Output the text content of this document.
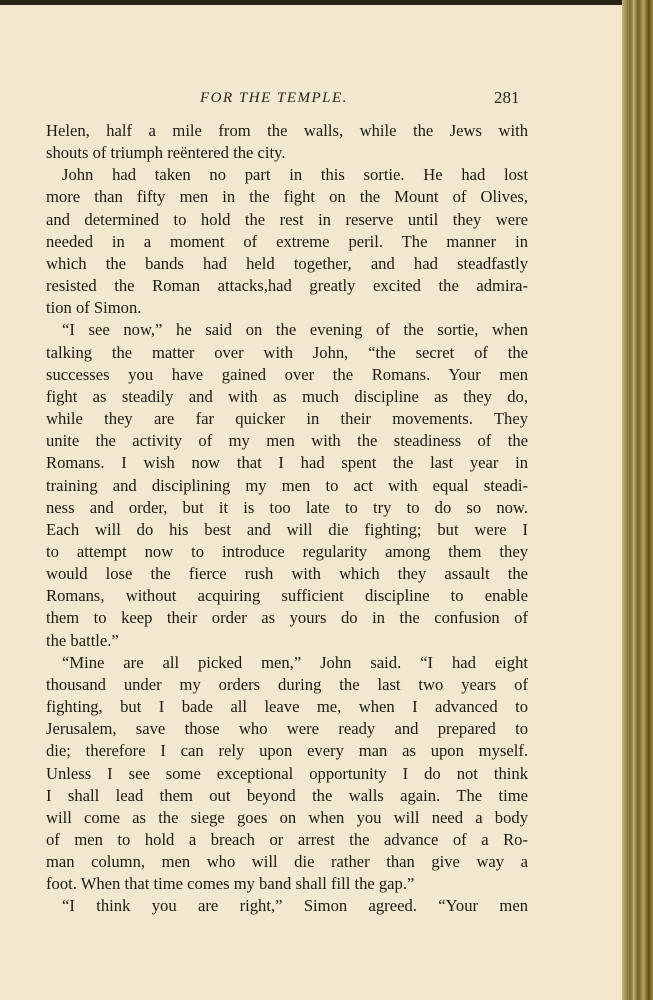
FOR THE TEMPLE.	281
Helen, half a mile from the walls, while the Jews with
shouts of triumph reëntered the city.
John had taken no part in this sortie. He had lost
more than fifty men in the fight on the Mount of Olives,
and determined to hold the rest in reserve until they were
needed in a moment of extreme peril. The manner in
which the bands had held together, and had steadfastly
resisted the Roman attacks,had greatly excited the admira-
tion of Simon.
“I see now,” he said on the evening of the sortie, when
talking the matter over with John, “the secret of the
successes you have gained over the Romans. Your men
fight as steadily and with as much discipline as they do,
while they are far quicker in their movements. They
unite the activity of my men with the steadiness of the
Romans. I wish now that I had spent the last year in
training and disciplining my men to act with equal steadi-
ness and order, but it is too late to try to do so now.
Each will do his best and will die fighting; but were I
to attempt now to introduce regularity among them they
would lose the fierce rush with which they assault the
Romans, without acquiring sufficient discipline to enable
them to keep their order as yours do in the confusion of
the battle.”
“Mine are all picked men,” John said. “I had eight
thousand under my orders during the last two years of
fighting, but I bade all leave me, when I advanced to
Jerusalem, save those who were ready and prepared to
die; therefore I can rely upon every man as upon myself.
Unless I see some exceptional opportunity I do not think
I shall lead them out beyond the walls again. The time
will come as the siege goes on when you will need a body
of men to hold a breach or arrest the advance of a Ro-
man column, men who will die rather than give way a
foot. When that time comes my band shall fill the gap.”
“I think you are right,” Simon agreed. “Your men
